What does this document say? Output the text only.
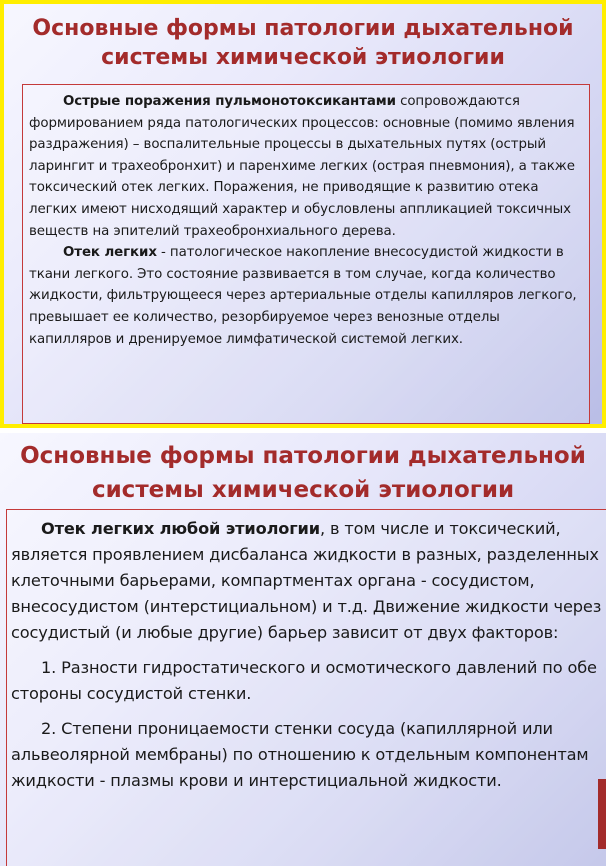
Основные формы патологии дыхательной
системы химической этиологии

Острые поражения пульмонотоксикантами сопровождаются формированием ряда патологических процессов: основные (помимо явления раздражения) – воспалительные процессы в дыхательных путях (острый ларингит и трахеобронхит) и паренхиме легких (острая пневмония), а также токсический отек легких. Поражения, не приводящие к развитию отека легких имеют нисходящий характер и обусловлены аппликацией токсичных веществ на эпителий трахеобронхиального дерева.

Отек легких - патологическое накопление внесосудистой жидкости в ткани легкого. Это состояние развивается в том случае, когда количество жидкости, фильтрующееся через артериальные отделы капилляров легкого, превышает ее количество, резорбируемое через венозные отделы капилляров и дренируемое лимфатической системой легких.

Основные формы патологии дыхательной
системы химической этиологии

Отек легких любой этиологии, в том числе и токсический, является проявлением дисбаланса жидкости в разных, разделенных клеточными барьерами, компартментах органа - сосудистом, внесосудистом (интерстициальном) и т.д. Движение жидкости через сосудистый (и любые другие) барьер зависит от двух факторов:

1. Разности гидростатического и осмотического давлений по обе стороны сосудистой стенки.

2. Степени проницаемости стенки сосуда (капиллярной или альвеолярной мембраны) по отношению к отдельным компонентам жидкости - плазмы крови и интерстициальной жидкости.
